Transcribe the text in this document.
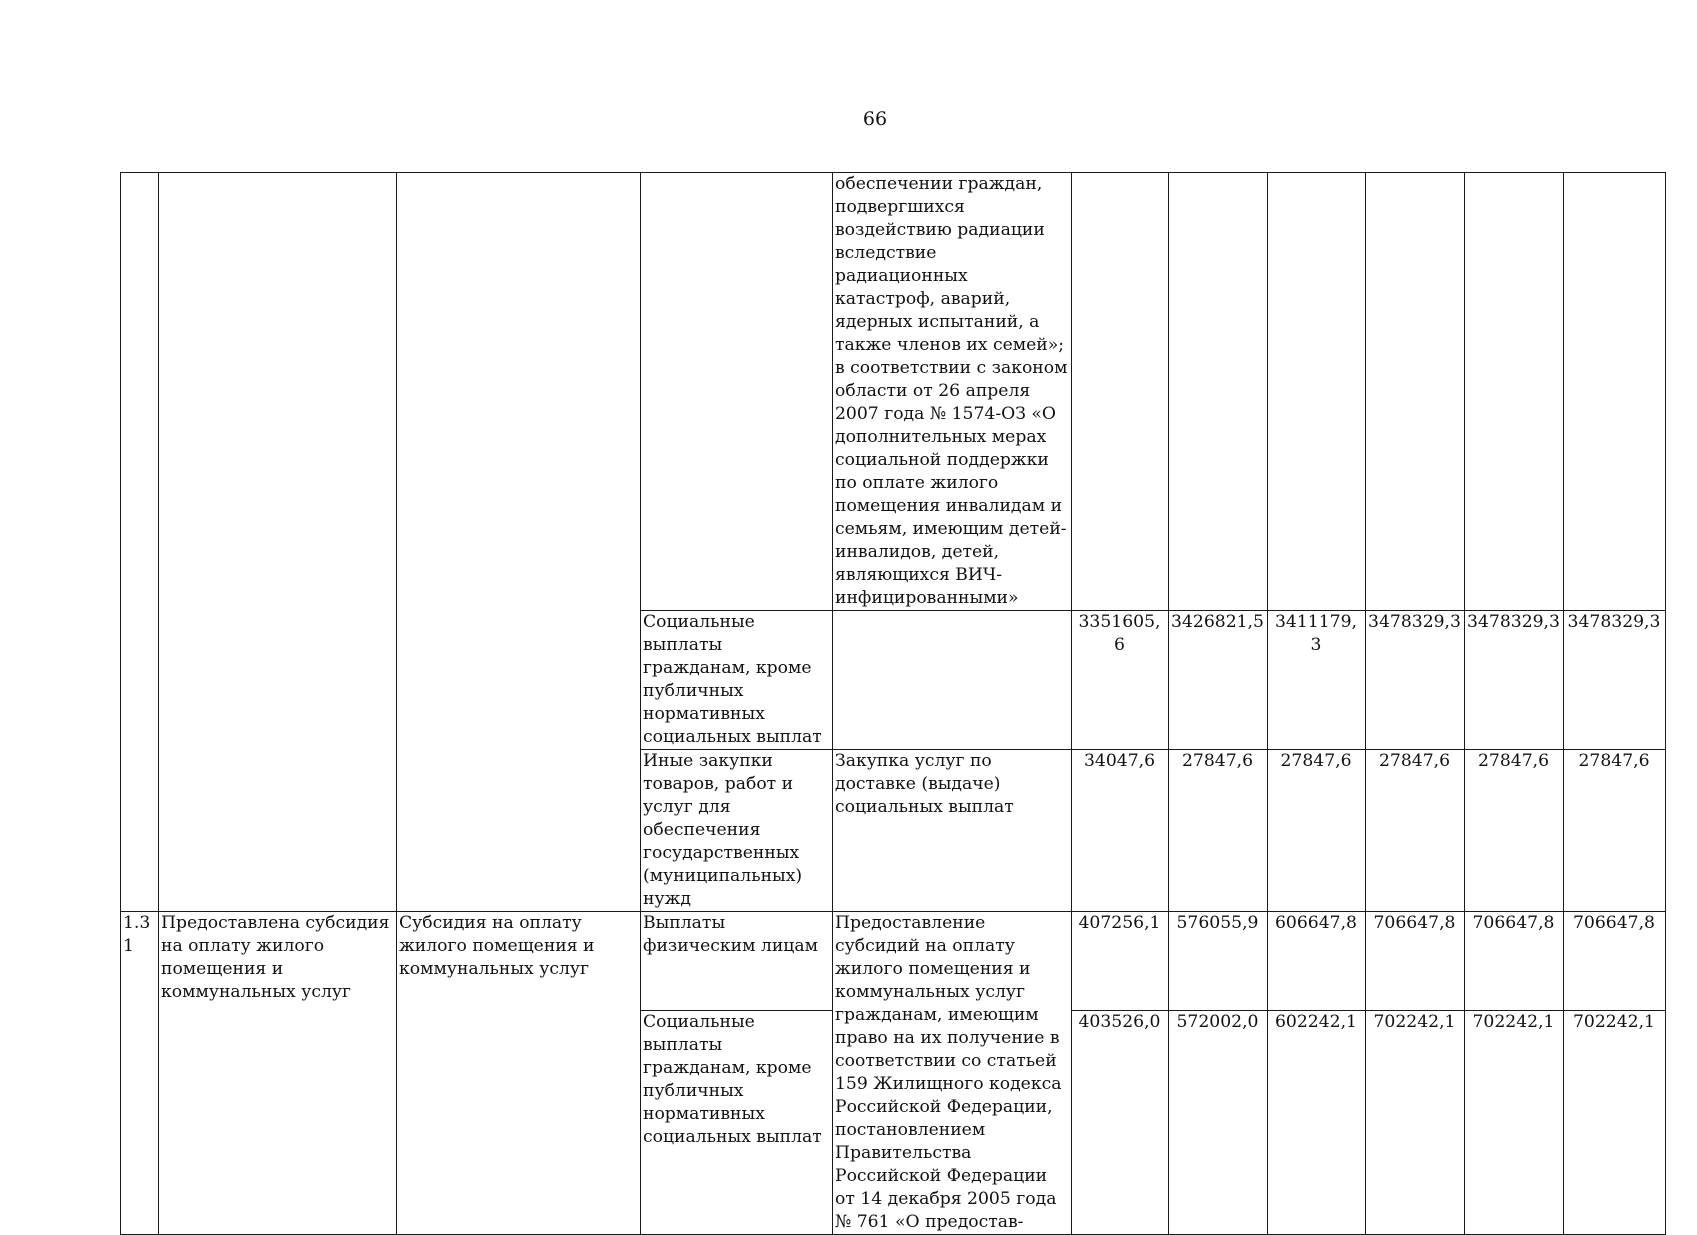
66
				обеспечении граждан, подвергшихся воздействию радиации вследствие радиационных катастроф, аварий, ядерных испытаний, а также членов их семей»; в соответствии с законом области от 26 апреля 2007 года № 1574-ОЗ «О дополнительных мерах социальной поддержки по оплате жилого помещения инвалидам и семьям, имеющим детей-инвалидов, детей, являющихся ВИЧ-инфицированными»						
			Социальные выплаты гражданам, кроме публичных нормативных социальных выплат		3351605,6	3426821,5	3411179,3	3478329,3	3478329,3	3478329,3
			Иные закупки товаров, работ и услуг для обеспечения государственных (муниципальных) нужд	Закупка услуг по доставке (выдаче) социальных выплат	34047,6	27847,6	27847,6	27847,6	27847,6	27847,6
1.31	Предоставлена субсидия на оплату жилого помещения и коммунальных услуг	Субсидия на оплату жилого помещения и коммунальных услуг	Выплаты физическим лицам	Предоставление субсидий на оплату жилого помещения и коммунальных услуг гражданам, имеющим право на их получение в соответствии со статьей 159 Жилищного кодекса Российской Федерации, постановлением Правительства Российской Федерации от 14 декабря 2005 года № 761 «О предостав-	407256,1	576055,9	606647,8	706647,8	706647,8	706647,8
			Социальные выплаты гражданам, кроме публичных нормативных социальных выплат		403526,0	572002,0	602242,1	702242,1	702242,1	702242,1
